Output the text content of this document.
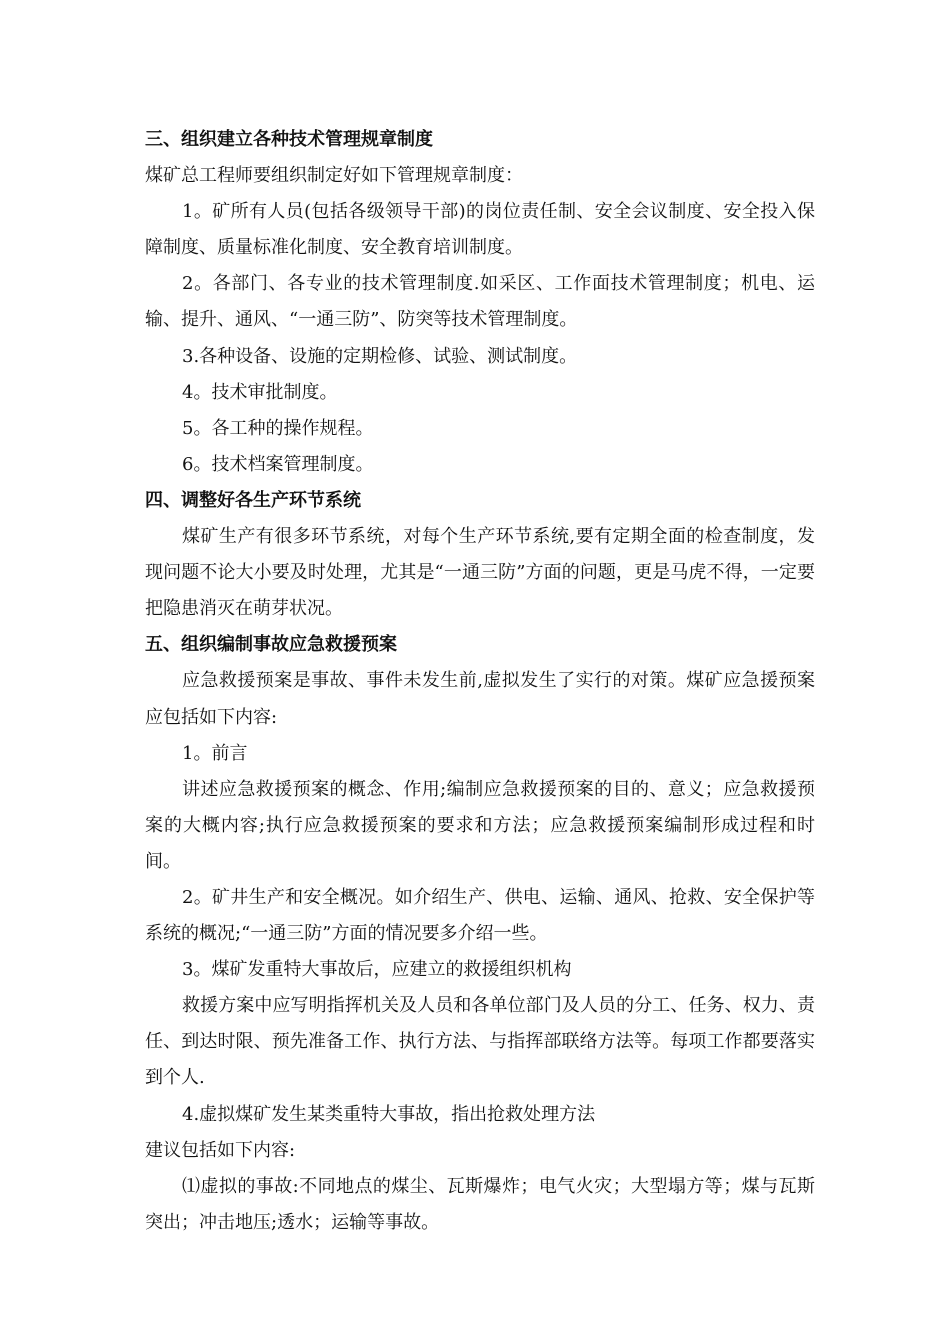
三、组织建立各种技术管理规章制度

煤矿总工程师要组织制定好如下管理规章制度：

1。矿所有人员(包括各级领导干部)的岗位责任制、安全会议制度、安全投入保障制度、质量标准化制度、安全教育培训制度。

2。各部门、各专业的技术管理制度.如采区、工作面技术管理制度；机电、运输、提升、通风、“一通三防”、防突等技术管理制度。

3.各种设备、设施的定期检修、试验、测试制度。

4。技术审批制度。

5。各工种的操作规程。

6。技术档案管理制度。

四、调整好各生产环节系统

煤矿生产有很多环节系统，对每个生产环节系统,要有定期全面的检查制度，发现问题不论大小要及时处理，尤其是“一通三防”方面的问题，更是马虎不得，一定要把隐患消灭在萌芽状况。

五、组织编制事故应急救援预案

应急救援预案是事故、事件未发生前,虚拟发生了实行的对策。煤矿应急援预案应包括如下内容:

1。前言

讲述应急救援预案的概念、作用;编制应急救援预案的目的、意义；应急救援预案的大概内容;执行应急救援预案的要求和方法；应急救援预案编制形成过程和时间。

2。矿井生产和安全概况。如介绍生产、供电、运输、通风、抢救、安全保护等系统的概况;“一通三防”方面的情况要多介绍一些。

3。煤矿发重特大事故后，应建立的救援组织机构

救援方案中应写明指挥机关及人员和各单位部门及人员的分工、任务、权力、责任、到达时限、预先准备工作、执行方法、与指挥部联络方法等。每项工作都要落实到个人.

4.虚拟煤矿发生某类重特大事故，指出抢救处理方法

建议包括如下内容:

⑴虚拟的事故:不同地点的煤尘、瓦斯爆炸；电气火灾；大型塌方等；煤与瓦斯突出；冲击地压;透水；运输等事故。
